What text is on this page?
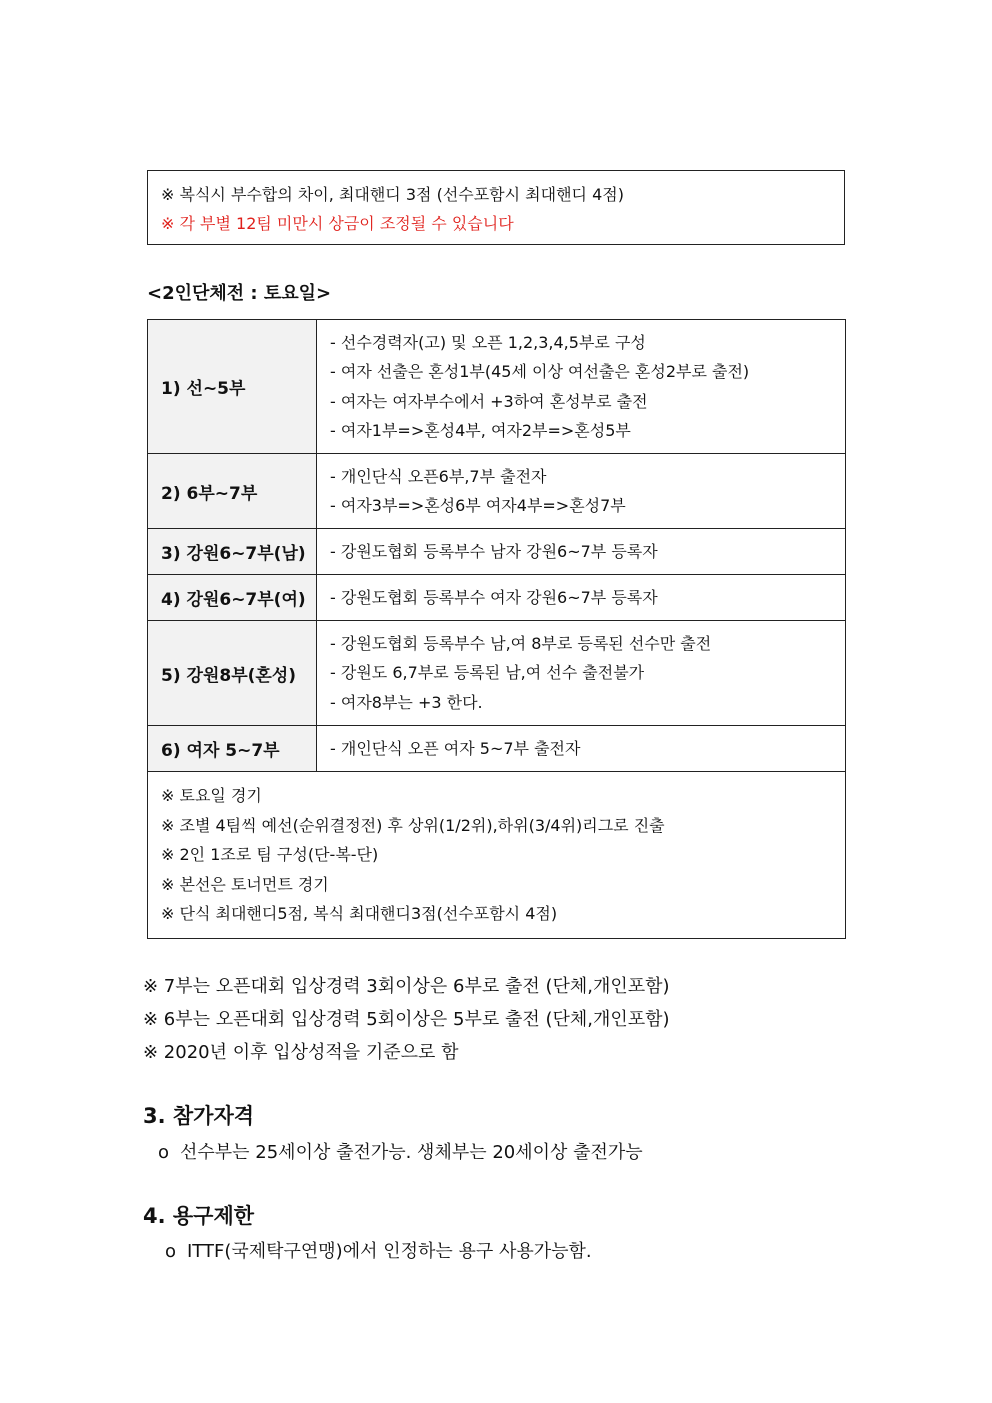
※ 복식시 부수합의 차이, 최대핸디 3점 (선수포함시 최대핸디 4점)
※ 각 부별 12팀 미만시 상금이 조정될 수 있습니다
<2인단체전 : 토요일>
1) 선~5부	- 선수경력자(고) 및 오픈 1,2,3,4,5부로 구성
- 여자 선출은 혼성1부(45세 이상 여선출은 혼성2부로 출전)
- 여자는 여자부수에서 +3하여 혼성부로 출전
- 여자1부=>혼성4부, 여자2부=>혼성5부

2) 6부~7부	- 개인단식 오픈6부,7부 출전자
- 여자3부=>혼성6부 여자4부=>혼성7부

3) 강원6~7부(남)	- 강원도협회 등록부수 남자 강원6~7부 등록자

4) 강원6~7부(여)	- 강원도협회 등록부수 여자 강원6~7부 등록자

5) 강원8부(혼성)	- 강원도협회 등록부수 남,여 8부로 등록된 선수만 출전
- 강원도 6,7부로 등록된 남,여 선수 출전불가
- 여자8부는 +3 한다.

6) 여자 5~7부	- 개인단식 오픈 여자 5~7부 출전자

※ 토요일 경기
※ 조별 4팀씩 예선(순위결정전) 후 상위(1/2위),하위(3/4위)리그로 진출
※ 2인 1조로 팀 구성(단-복-단)
※ 본선은 토너먼트 경기
※ 단식 최대핸디5점, 복식 최대핸디3점(선수포함시 4점)	
※ 7부는 오픈대회 입상경력 3회이상은 6부로 출전 (단체,개인포함)
※ 6부는 오픈대회 입상경력 5회이상은 5부로 출전 (단체,개인포함)
※ 2020년 이후 입상성적을 기준으로 함
3. 참가자격
o 선수부는 25세이상 출전가능. 생체부는 20세이상 출전가능
4. 용구제한
o ITTF(국제탁구연맹)에서 인정하는 용구 사용가능함.
